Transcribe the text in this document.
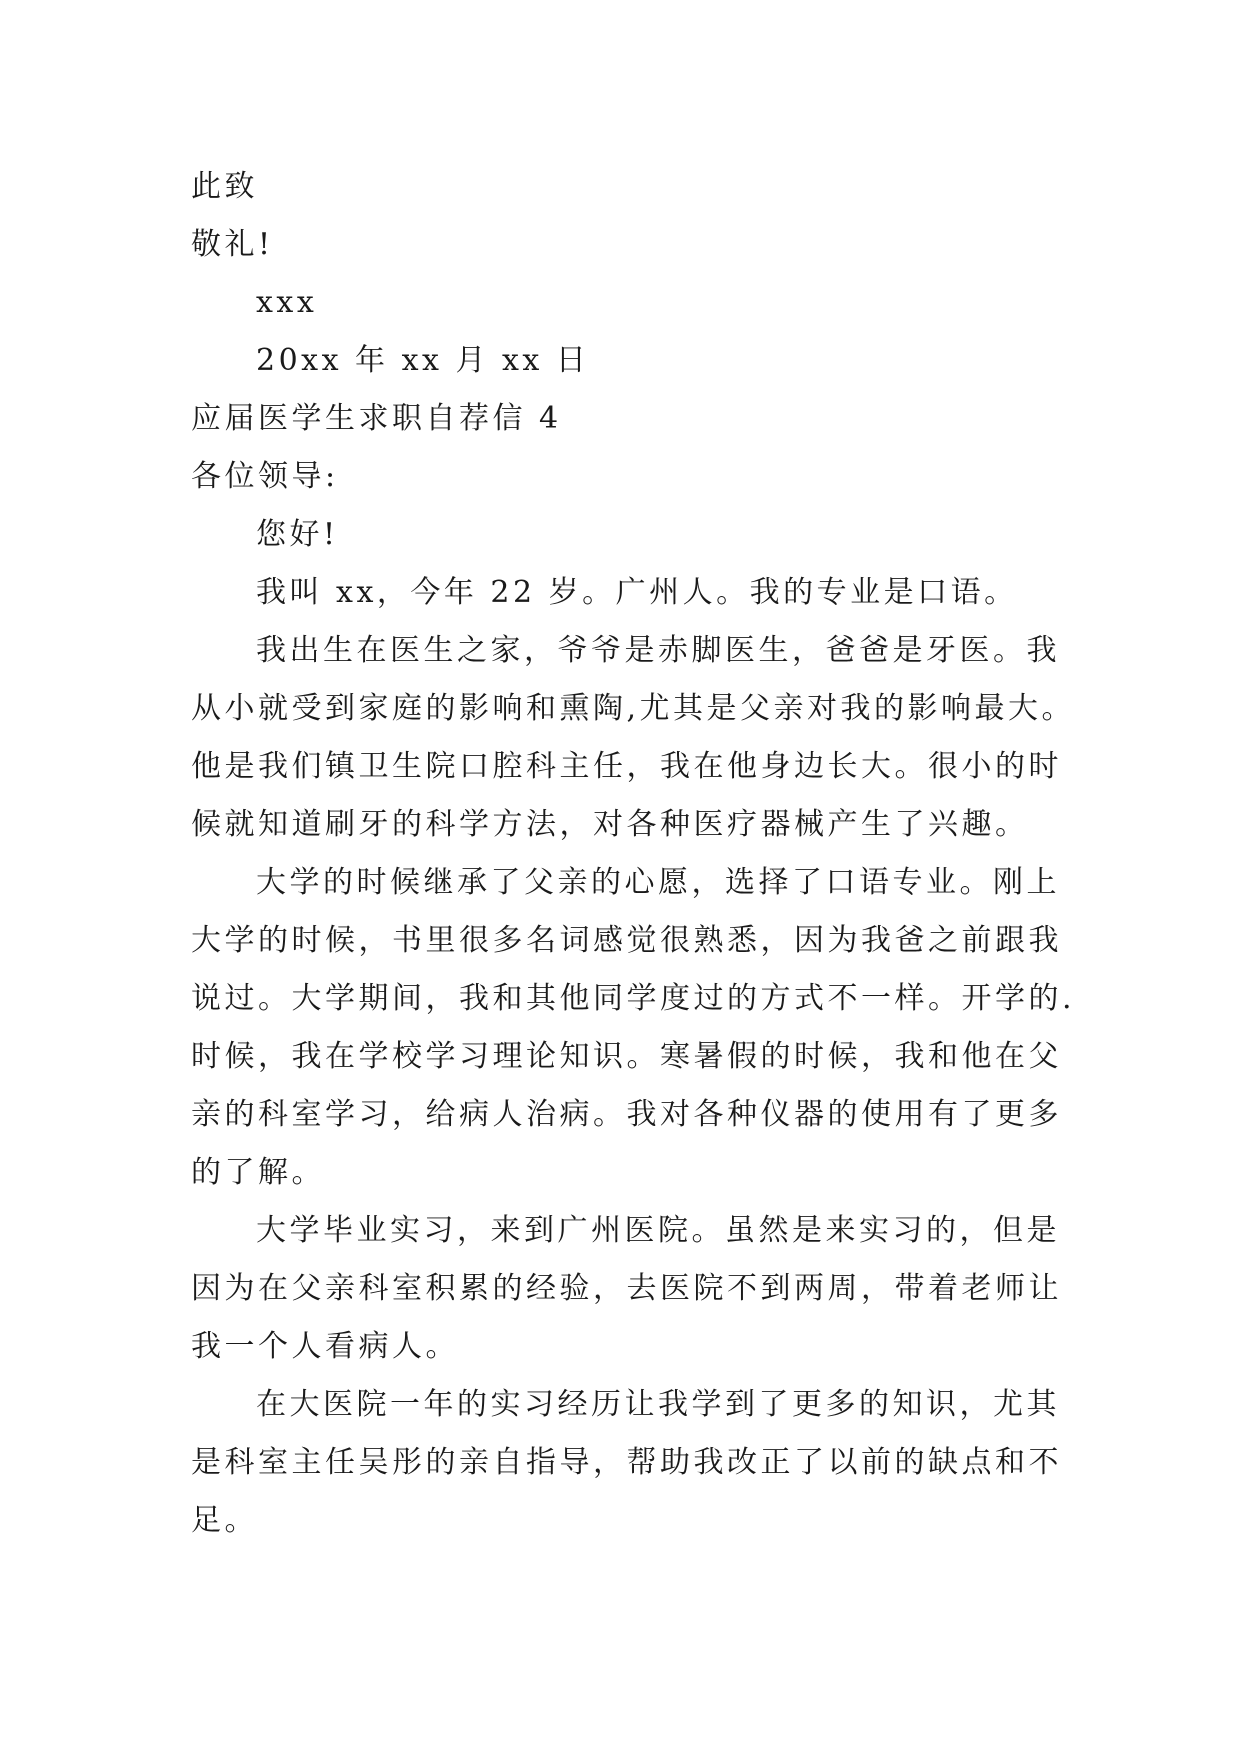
此致
敬礼!
xxx
20xx 年 xx 月 xx 日
应届医学生求职自荐信 4
各位领导:
您好!
我叫 xx，今年 22 岁。广州人。我的专业是口语。
我出生在医生之家，爷爷是赤脚医生，爸爸是牙医。我
从小就受到家庭的影响和熏陶,尤其是父亲对我的影响最大。
他是我们镇卫生院口腔科主任，我在他身边长大。很小的时
候就知道刷牙的科学方法，对各种医疗器械产生了兴趣。
大学的时候继承了父亲的心愿，选择了口语专业。刚上
大学的时候，书里很多名词感觉很熟悉，因为我爸之前跟我
说过。大学期间，我和其他同学度过的方式不一样。开学的.
时候，我在学校学习理论知识。寒暑假的时候，我和他在父
亲的科室学习，给病人治病。我对各种仪器的使用有了更多
的了解。
大学毕业实习，来到广州医院。虽然是来实习的，但是
因为在父亲科室积累的经验，去医院不到两周，带着老师让
我一个人看病人。
在大医院一年的实习经历让我学到了更多的知识，尤其
是科室主任吴彤的亲自指导，帮助我改正了以前的缺点和不
足。
